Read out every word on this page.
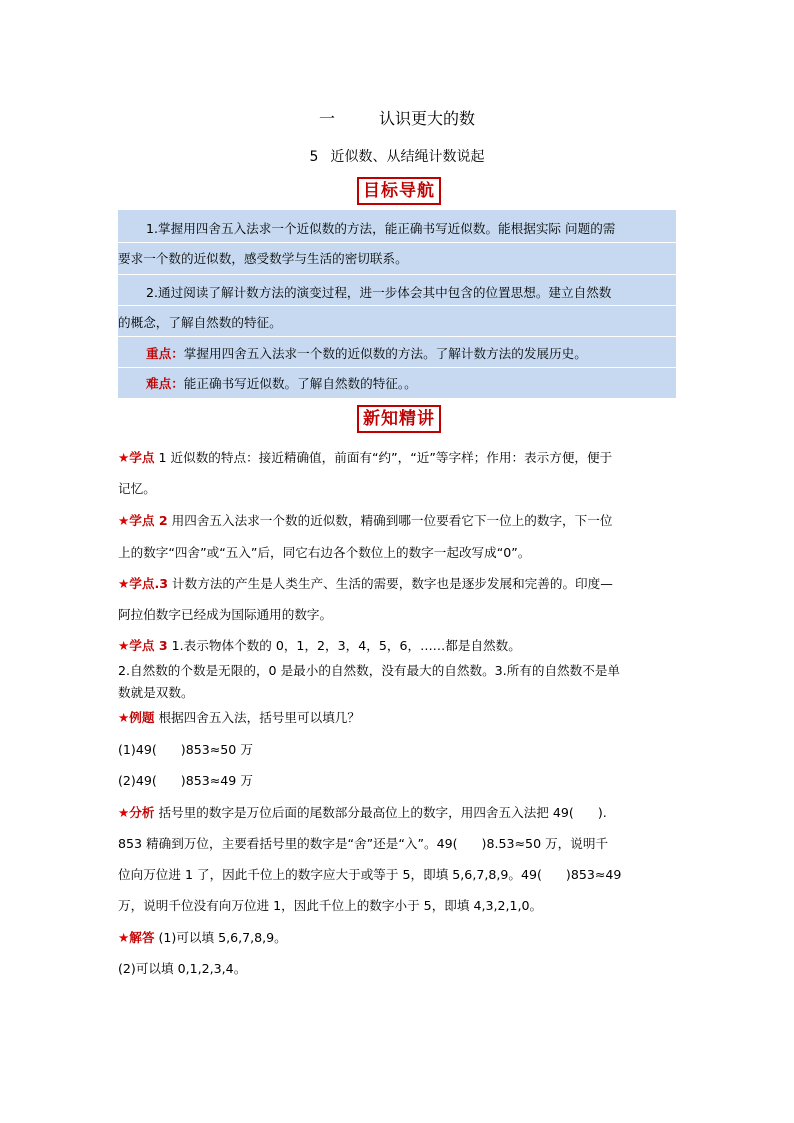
一	认识更大的数
5 近似数、从结绳计数说起
目标导航
1.掌握用四舍五入法求一个近似数的方法，能正确书写近似数。能根据实际 问题的需
要求一个数的近似数，感受数学与生活的密切联系。
2.通过阅读了解计数方法的演变过程，进一步体会其中包含的位置思想。建立自然数
的概念，了解自然数的特征。
重点：掌握用四舍五入法求一个数的近似数的方法。了解计数方法的发展历史。
难点：能正确书写近似数。了解自然数的特征。。
新知精讲
★学点 1 近似数的特点：接近精确值，前面有“约”，“近”等字样；作用：表示方便，便于
记忆。
★学点 2 用四舍五入法求一个数的近似数，精确到哪一位要看它下一位上的数字，下一位
上的数字“四舍”或“五入”后，同它右边各个数位上的数字一起改写成“0”。
★学点.3 计数方法的产生是人类生产、生活的需要，数字也是逐步发展和完善的。印度—
阿拉伯数字已经成为国际通用的数字。
★学点 3 1.表示物体个数的 0，1，2，3，4，5，6，……都是自然数。
2.自然数的个数是无限的，0 是最小的自然数，没有最大的自然数。3.所有的自然数不是单
数就是双数。
★例题 根据四舍五入法，括号里可以填几？
(1)49( )853≈50 万
(2)49( )853≈49 万
★分析 括号里的数字是万位后面的尾数部分最高位上的数字，用四舍五入法把 49( ).
853 精确到万位，主要看括号里的数字是“舍”还是“入”。49( )8.53≈50 万，说明千
位向万位进 1 了，因此千位上的数字应大于或等于 5，即填 5,6,7,8,9。49( )853≈49
万，说明千位没有向万位进 1，因此千位上的数字小于 5，即填 4,3,2,1,0。
★解答 (1)可以填 5,6,7,8,9。
(2)可以填 0,1,2,3,4。
